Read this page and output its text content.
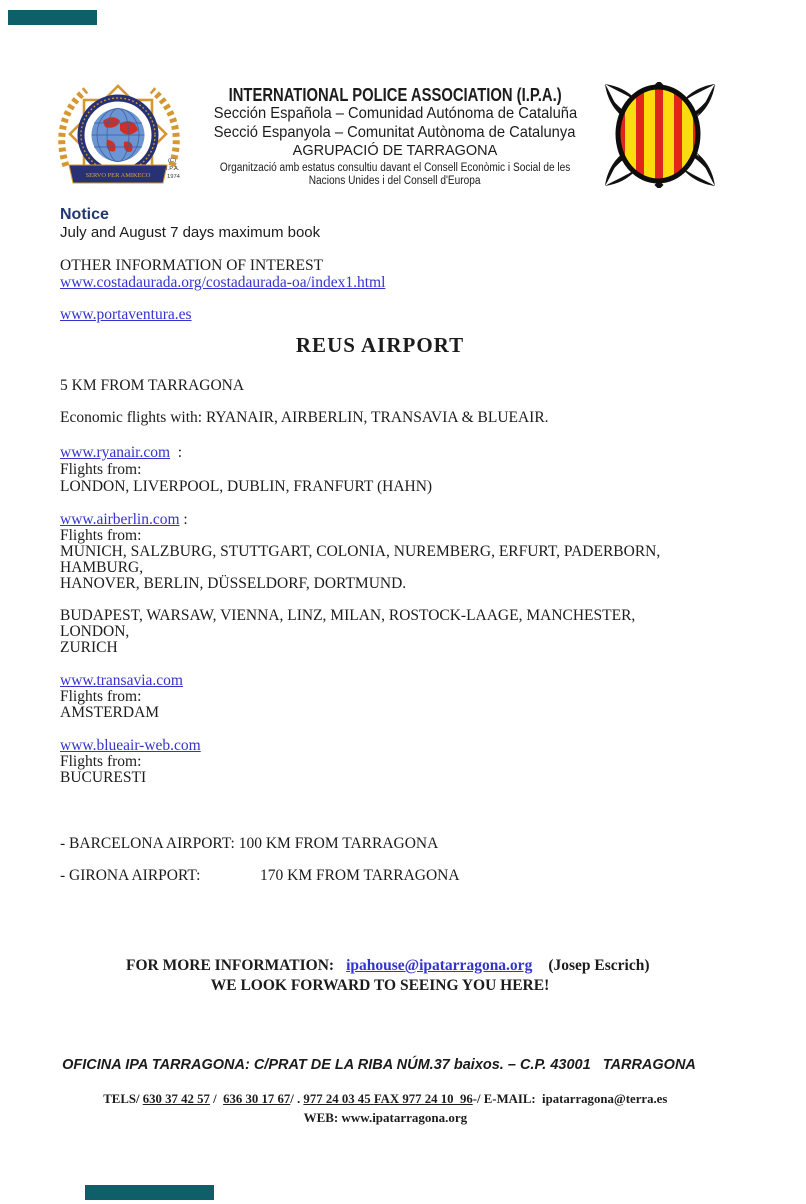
SERVO PER AMIKECO
(C)
I.P.A.
1974
INTERNATIONAL POLICE ASSOCIATION (I.P.A.)
Sección Española – Comunidad Autónoma de Cataluña
Secció Espanyola – Comunitat Autònoma de Catalunya
AGRUPACIÓ DE TARRAGONA
Organització amb estatus consultiu davant el Consell Econòmic i Social de les
Nacions Unides i del Consell d'Europa
Notice
July and August 7 days maximum book
OTHER INFORMATION OF INTEREST
www.costadaurada.org/costadaurada-oa/index1.html
www.portaventura.es
REUS AIRPORT
5 KM FROM TARRAGONA
Economic flights with: RYANAIR, AIRBERLIN, TRANSAVIA & BLUEAIR.
www.ryanair.com  :
Flights from:
LONDON, LIVERPOOL, DUBLIN, FRANFURT (HAHN)
www.airberlin.com :
Flights from:
MUNICH, SALZBURG, STUTTGART, COLONIA, NUREMBERG, ERFURT, PADERBORN,
HAMBURG,
HANOVER, BERLIN, DÜSSELDORF, DORTMUND.
BUDAPEST, WARSAW, VIENNA, LINZ, MILAN, ROSTOCK-LAAGE, MANCHESTER,
LONDON,
ZURICH
www.transavia.com
Flights from:
AMSTERDAM
www.blueair-web.com
Flights from:
BUCURESTI
- BARCELONA AIRPORT: 100 KM FROM TARRAGONA
- GIRONA AIRPORT:	170 KM FROM TARRAGONA

FOR MORE INFORMATION: ipahouse@ipatarragona.org (Josep Escrich)

WE LOOK FORWARD TO SEEING YOU HERE!
OFICINA IPA TARRAGONA: C/PRAT DE LA RIBA NÚM.37 baixos. – C.P. 43001   TARRAGONA

TELS/ 630 37 42 57 /  636 30 17 67/ . 977 24 03 45 FAX 977 24 10  96-/ E-MAIL:  ipatarragona@terra.es

WEB: www.ipatarragona.org
